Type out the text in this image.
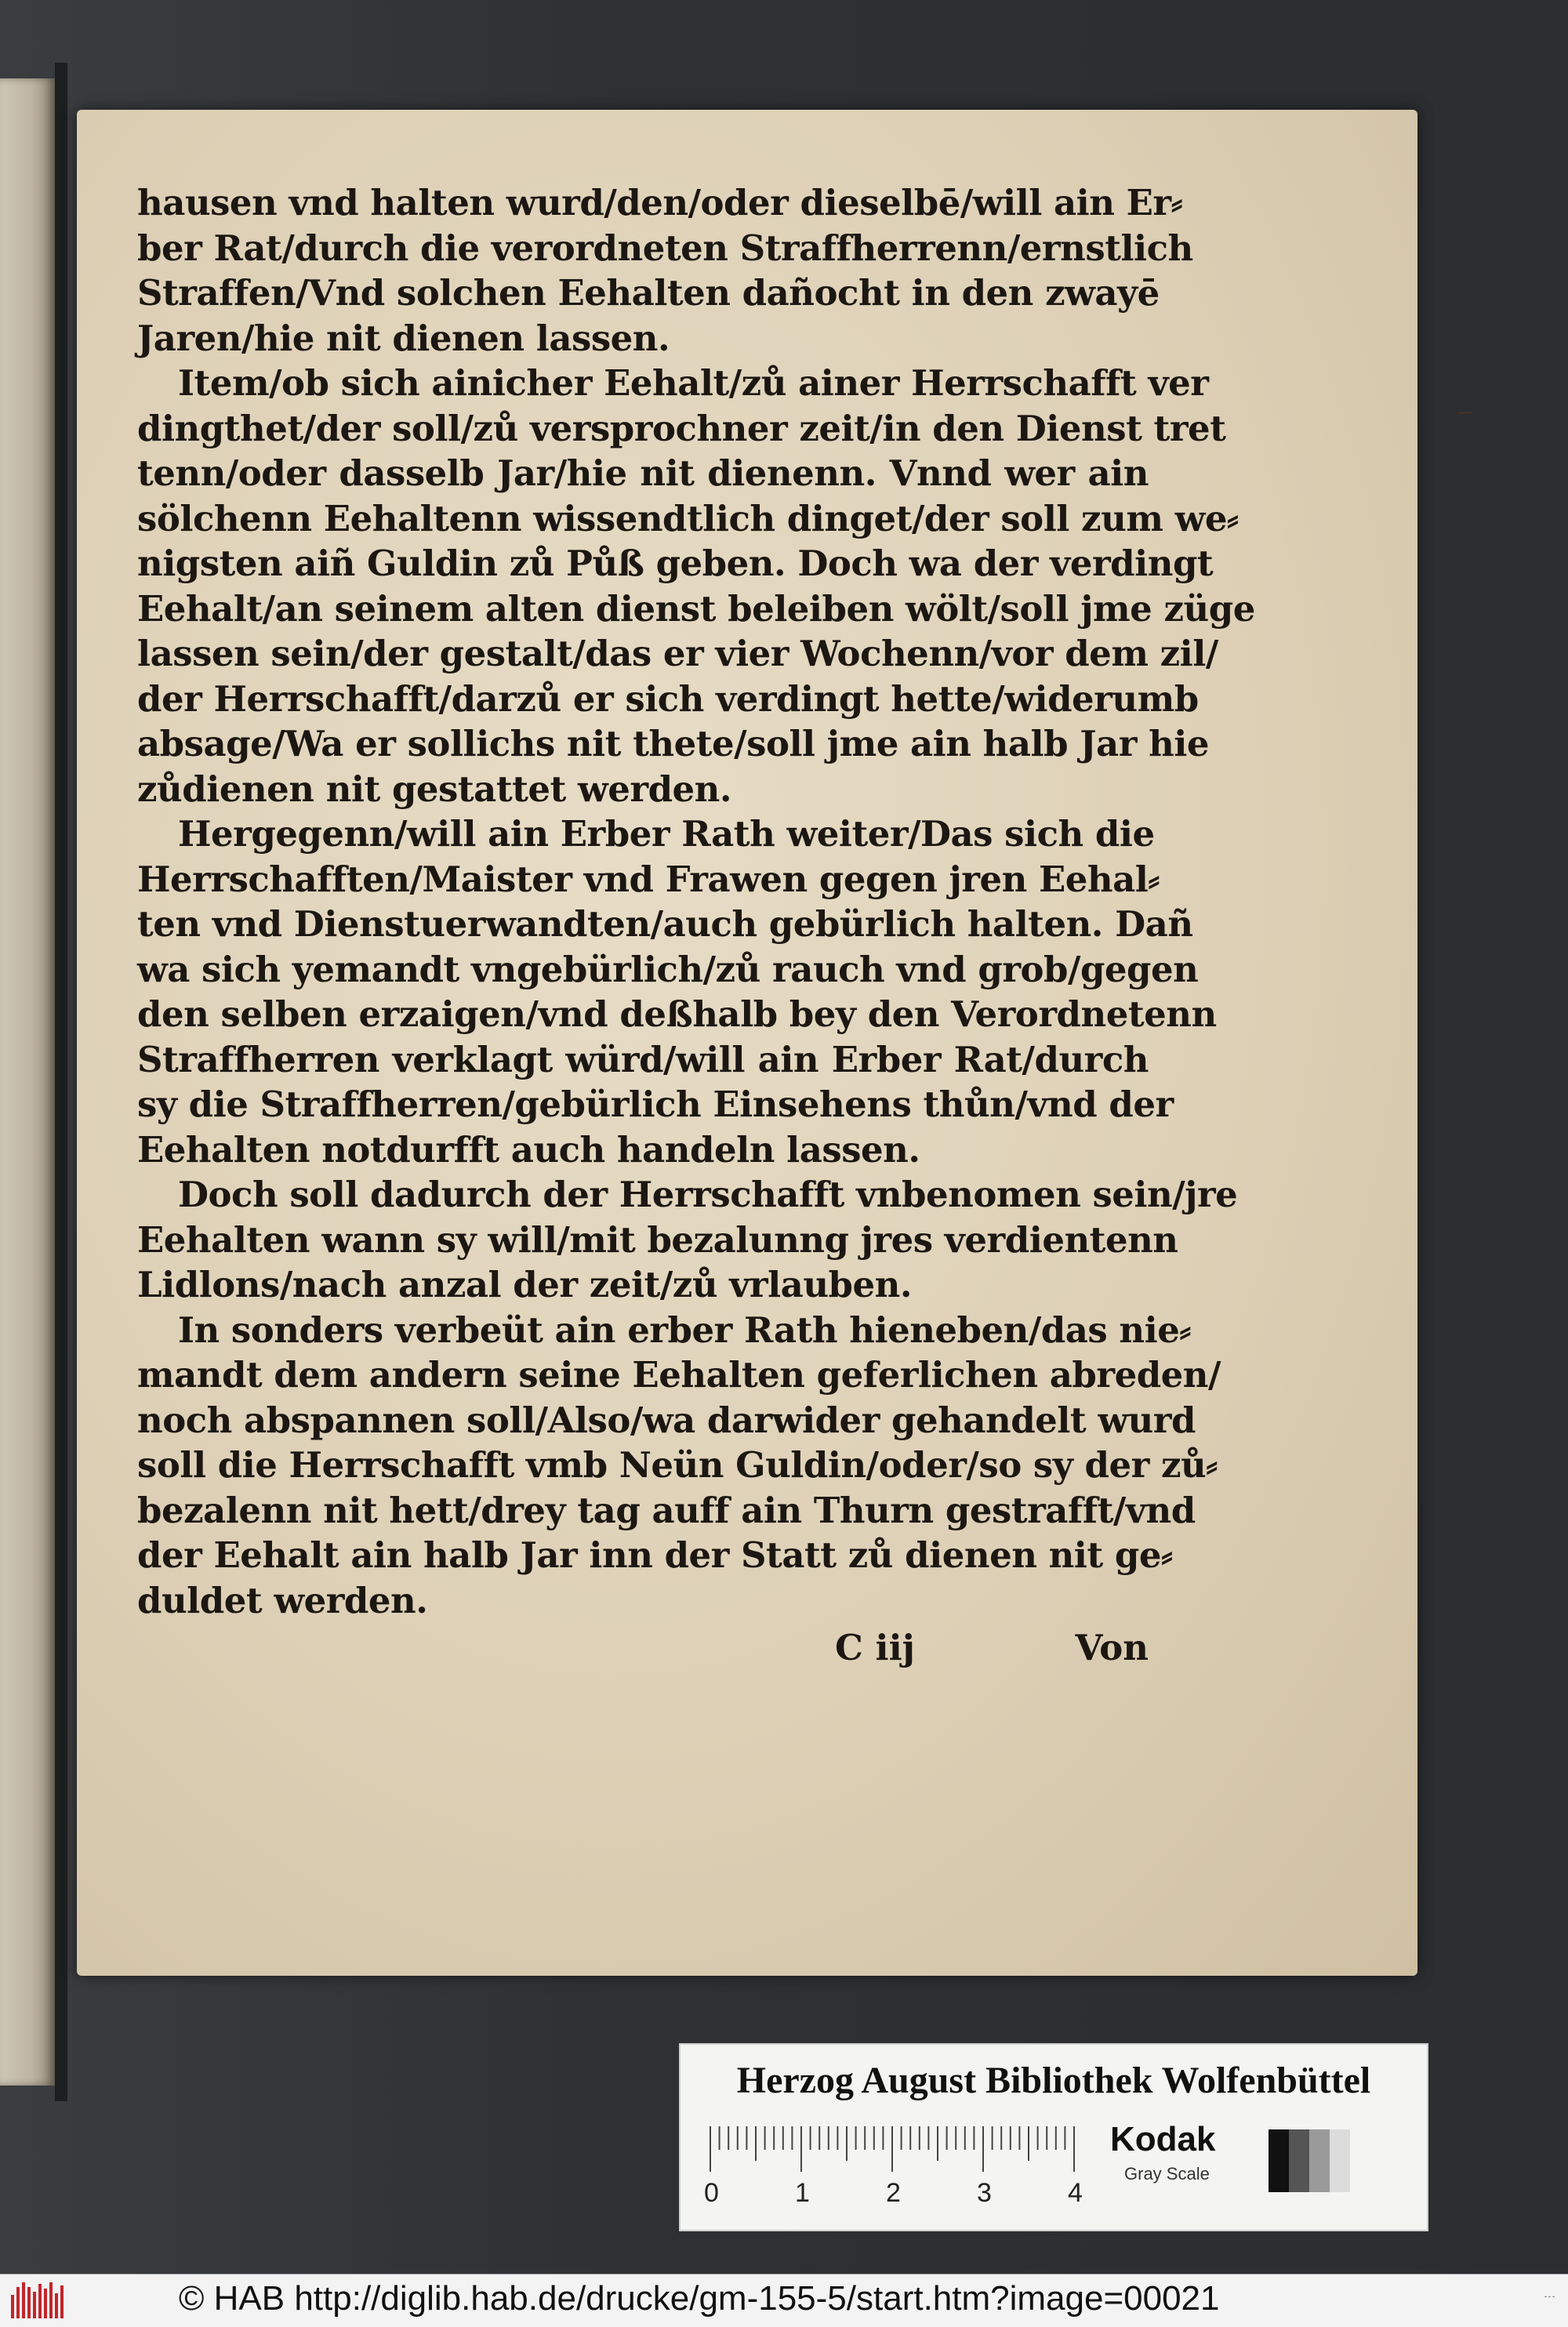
hausen vnd halten wurd/den/oder dieselbē/will ain Er⸗
ber Rat/durch die verordneten Straffherrenn/ernstlich
Straffen/Vnd solchen Eehalten dañocht in den zwayē
Jaren/hie nit dienen lassen.
Item/ob sich ainicher Eehalt/zů ainer Herrschafft ver
dingthet/der soll/zů versprochner zeit/in den Dienst tret
tenn/oder dasselb Jar/hie nit dienenn. Vnnd wer ain
sölchenn Eehaltenn wissendtlich dinget/der soll zum we⸗
nigsten aiñ Guldin zů Půß geben. Doch wa der verdingt
Eehalt/an seinem alten dienst beleiben wölt/soll jme züge
lassen sein/der gestalt/das er vier Wochenn/vor dem zil/
der Herrschafft/darzů er sich verdingt hette/widerumb
absage/Wa er sollichs nit thete/soll jme ain halb Jar hie
zůdienen nit gestattet werden.
Hergegenn/will ain Erber Rath weiter/Das sich die
Herrschafften/Maister vnd Frawen gegen jren Eehal⸗
ten vnd Dienstuerwandten/auch gebürlich halten. Dañ
wa sich yemandt vngebürlich/zů rauch vnd grob/gegen
den selben erzaigen/vnd deßhalb bey den Verordnetenn
Straffherren verklagt würd/will ain Erber Rat/durch
sy die Straffherren/gebürlich Einsehens thůn/vnd der
Eehalten notdurfft auch handeln lassen.
Doch soll dadurch der Herrschafft vnbenomen sein/jre
Eehalten wann sy will/mit bezalunng jres verdientenn
Lidlons/nach anzal der zeit/zů vrlauben.
In sonders verbeüt ain erber Rath hieneben/das nie⸗
mandt dem andern seine Eehalten geferlichen abreden/
noch abspannen soll/Also/wa darwider gehandelt wurd
soll die Herrschafft vmb Neün Guldin/oder/so sy der zů⸗
bezalenn nit hett/drey tag auff ain Thurn gestrafft/vnd
der Eehalt ain halb Jar inn der Statt zů dienen nit ge⸗
duldet werden.
C iij	Von
Herzog August Bibliothek Wolfenbüttel
0	1	2	3	4
Kodak
Gray Scale
© HAB http://diglib.hab.de/drucke/gm-155-5/start.htm?image=00021	⁃⁃⁃
